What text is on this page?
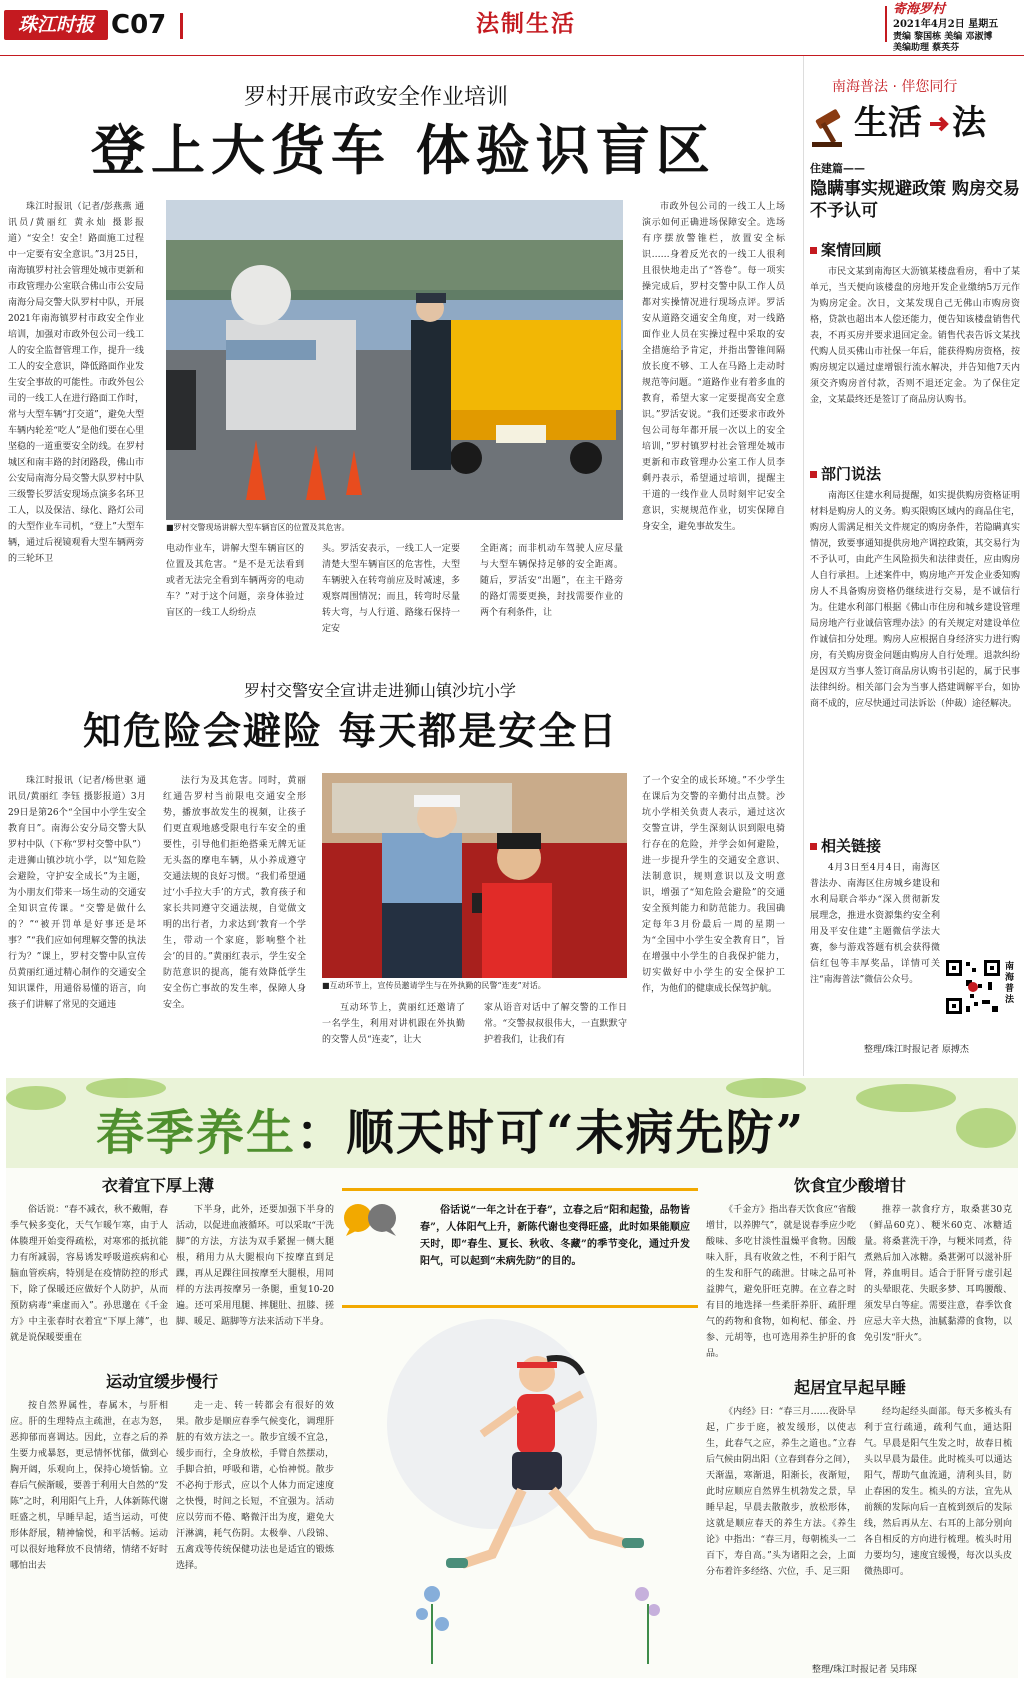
珠江时报 C07	法制生活
寄海罗村
2021年4月2日 星期五
责编 黎国栋 美编 邓淑博
美编助理 蔡英芬
罗村开展市政安全作业培训
登上大货车 体验识盲区
珠江时报讯（记者/彭燕燕 通讯员/黄丽红 黄永灿 摄影报道）“安全！安全！路面施工过程中一定要有安全意识。”3月25日，南海镇罗村社会管理处城市更新和市政管理办公室联合佛山市公安局南海分局交警大队罗村中队，开展2021年南海镇罗村市政安全作业培训，加强对市政外包公司一线工人的安全监督管理工作，提升一线工人的安全意识，降低路面作业发生安全事故的可能性。市政外包公司的一线工人在进行路面工作时，常与大型车辆“打交道”，避免大型车辆内轮差“吃人”是他们要在心里坚稳的一道重要安全防线。在罗村城区和南丰路的封闭路段，佛山市公安局南海分局交警大队罗村中队三级警长罗活安现场点演多名环卫工人，以及保洁、绿化、路灯公司的大型作业车司机，“登上”大型车辆，通过后视镜观看大型车辆两旁的三轮环卫
■罗村交警现场讲解大型车辆盲区的位置及其危害。
电动作业车，讲解大型车辆盲区的位置及其危害。“是不是无法看到或者无法完全看到车辆两旁的电动车？”对于这个问题，亲身体验过盲区的一线工人纷纷点
头。罗活安表示，一线工人一定要清楚大型车辆盲区的危害性，大型车辆驶入在转弯前应及时减速，多观察周围情况；而且，转弯时尽量转大弯，与人行道、路缘石保持一定安
全距离；而非机动车驾驶人应尽量与大型车辆保持足够的安全距离。随后，罗活安“出题”，在主干路旁的路灯需要更换，封找需要作业的两个有利条件，让
市政外包公司的一线工人上场演示如何正确进场保障安全。选场有序摆放警锥栏，放置安全标识……身着反光衣的一线工人很利且很快地走出了“答卷”。每一项实操完成后，罗村交警中队工作人员都对实操情况进行现场点评。罗活安从道路交通安全角度，对一线路面作业人员在实操过程中采取的安全措施给予肯定，并指出警锥间隔放长度不够、工人在马路上走动时规范等问题。“道路作业有着多血的教育，希望大家一定要提高安全意识。”罗活安说。“我们还要求市政外包公司每年都开展一次以上的安全培训，”罗村镇罗村社会管理处城市更新和市政管理办公室工作人员李剩丹表示，希望通过培训，提醒主干道的一线作业人员时刻牢记安全意识，实规规范作业，切实保障自身安全，避免事故发生。
罗村交警安全宣讲走进狮山镇沙坑小学
知危险会避险 每天都是安全日
珠江时报讯（记者/杨世驱 通讯员/黄丽红 李钰 摄影报道）3月29日是第26个“全国中小学生安全教育日”。南海公安分局交警大队罗村中队（下称“罗村交警中队”）走进狮山镇沙坑小学，以“知危险会避险，守护安全成长”为主题，为小朋友们带来一场生动的交通安全知识宣传课。“交警是做什么的？”“被开罚单是好事还是坏事？”“我们应如何理解交警的执法行为？”课上，罗村交警中队宣传员黄丽红通过精心制作的交通安全知识课件，用通俗易懂的语言，向孩子们讲解了常见的交通违
法行为及其危害。同时，黄丽红通告罗村当前限电交通安全形势，播放事故发生的视频，让孩子们更直观地感受限电行车安全的重要性，引导他们拒绝搭乘无牌无证无头盔的摩电车辆，从小养成遵守交通法规的良好习惯。“我们希望通过‘小手拉大手’的方式，教育孩子和家长共同遵守交通法规，自觉做文明的出行者，力求达到‘教育一个学生，带动一个家庭，影响整个社会’的目的。”黄丽红表示，学生安全防范意识的提高，能有效降低学生安全伤亡事故的发生率，保障人身安全。
■互动环节上，宣传员邀请学生与在外执勤的民警“连麦”对话。
互动环节上，黄丽红还邀请了一名学生，利用对讲机跟在外执勤的交警人员“连麦”，让大
家从语音对话中了解交警的工作日常。“交警叔叔很伟大，一直默默守护着我们，让我们有
了一个安全的成长环境。”不少学生在课后为交警的辛勤付出点赞。沙坑小学相关负责人表示，通过这次交警宣讲，学生深刻认识到限电骑行存在的危险，并学会如何避险，进一步提升学生的交通安全意识、法制意识，规则意识以及文明意识，增强了“知危险会避险”的交通安全预判能力和防范能力。我国确定每年3月份最后一周的星期一为“全国中小学生安全教育日”，旨在增强中小学生的自我保护能力，切实做好中小学生的安全保护工作，为他们的健康成长保驾护航。
南海普法 · 伴您同行
生活 法
住建篇——
隐瞒事实规避政策 购房交易不予认可
案情回顾
市民文某到南海区大沥镇某楼盘看房，看中了某单元，当天便向该楼盘的房地开发企业缴纳5万元作为购房定金。次日，文某发现自己无佛山市购房资格，贷款也超出本人偿还能力，便告知该楼盘销售代表，不再买房并要求退回定金。销售代表告诉文某找代购人员买佛山市社保一年后，能获得购房资格，按购房规定以通过虚增银行流水解决，并告知他7天内须交齐购房首付款，否则不退还定金。为了保住定金，文某最终还是签订了商品房认购书。
部门说法
南海区住建水利局提醒，如实提供购房资格证明材料是购房人的义务。购买限购区域内的商品住宅，购房人需满足相关文件规定的购房条件，若隐瞒真实情况，致要事通知提供房地产调控政策，其交易行为不予认可，由此产生风险损失和法律责任，应由购房人自行承担。上述案件中，购房地产开发企业委知购房人不具备购房资格仍继续进行交易，是不诚信行为。住建水利部门根据《佛山市住房和城乡建设管理局房地产行业诚信管理办法》的有关规定对建设单位作诚信扣分处理。购房人应根据自身经济实力进行购房，有关购房资金问题由购房人自行处理。退款纠纷是因双方当事人签订商品房认购书引起的，属于民事法律纠纷。相关部门会为当事人搭建调解平台，如协商不成的，应尽快通过司法诉讼（仲裁）途径解决。
相关链接
4月3日至4月4日，南海区普法办、南海区住房城乡建设和水利局联合举办“深入贯彻新发展理念，推进水资源集约安全利用及平安住建”主题微信学法大赛，参与游戏答题有机会获得微信红包等丰厚奖品，详情可关注“南海普法”微信公众号。
南海普法
整理/珠江时报记者 原搏杰
春季养生：顺天时可“未病先防”
衣着宜下厚上薄
俗话说：“春不减衣，秋不戴帽，春季气候多变化，天气乍暖乍寒，由于人体腠理开始变得疏松，对寒邪的抵抗能力有所减弱，容易诱发呼吸道疾病和心脑血管疾病，特别是在疫情防控的形式下，除了保暖还应做好个人防护，从而预防病毒“乘虚而入”。孙思邈在《千金方》中主张春时衣着宜“下厚上薄”，也就是说保暖要重在
下半身，此外，还要加强下半身的活动，以促进血液循环。可以采取“干洗脚”的方法，方法为双手紧握一侧大腿根，稍用力从大腿根向下按摩直到足踝，再从足踝往回按摩至大腿根，用同样的方法再按摩另一条腿，重复10-20遍。还可采用甩腿、摔腿肚、扭膝、搓脚、暖足、踮脚等方法来活动下半身。
俗话说“一年之计在于春”，立春之后“阳和起蛰，品物皆春”，人体阳气上升，新陈代谢也变得旺盛，此时如果能顺应天时，即“春生、夏长、秋收、冬藏”的季节变化，通过升发阳气，可以起到“未病先防”的目的。
饮食宜少酸增甘
《千金方》指出春天饮食应“省酸增甘，以养脾气”，就是说春季应少吃酸味、多吃甘淡性温燥平食物。因酸味入肝，具有收敛之性，不利于阳气的生发和肝气的疏泄。甘味之品可补益脾气，避免肝旺克脾。在立春之时有目的地选择一些柔肝养肝、疏肝理气的药物和食物，如枸杞、郁金、丹参、元胡等，也可选用养生护肝的食品。
推荐一款食疗方，取桑葚30克（鲜品60克）、粳米60克、冰糖适量。将桑葚洗干净，与粳米同煮，待煮熟后加入冰糖。桑葚粥可以滋补肝肾，养血明目。适合于肝肾亏虚引起的头晕眼花、失眠多梦、耳鸣腰酸、须发早白等症。需要注意，春季饮食应忌大辛大热，油腻黏滞的食物，以免引发“肝火”。
运动宜缓步慢行
按自然界属性，春属木，与肝相应。肝的生理特点主疏泄，在志为怒，恶抑郁而喜调达。因此，立春之后的养生要力戒暴怒，更忌情怀忧郁，做到心胸开阔，乐观向上，保持心境恬愉。立春后气候渐暖，要善于利用大自然的“发陈”之时，利用阳气上升，人体新陈代谢旺盛之机，早睡早起，适当运动，可使形体舒展，精神愉悦，和平活畅。运动可以很好地释放不良情绪，情绪不好时哪怕出去
走一走、转一转都会有很好的效果。散步是顺应春季气候变化，调理肝脏的有效方法之一。散步宜缓不宜急，缓步而行，全身放松，手臂自然摆动，手脚合拍，呼吸和谐，心怡神悦。散步不必拘于形式，应以个人体力而定速度之快慢，时间之长短，不宜强为。活动应以劳而不倦、略微汗出为度，避免大汗淋漓，耗气伤阴。太极拳、八段锦、五禽戏等传统保健功法也是适宜的锻炼选择。
起居宜早起早睡
《内经》曰：“春三月……夜卧早起，广步于庭，被发缓形，以使志生，此春气之应，养生之道也。”立春后气候由阴出阳（立春到春分之间），天渐温，寒渐退，阳渐长，夜渐短，此时应顺应自然界生机勃发之景，早睡早起，早晨去散散步，放松形体，这就是顺应春天的养生方法。《养生论》中指出：“春三月，每朝梳头一二百下，寿自高。”头为诸阳之会，上面分布着许多经络、穴位，手、足三阳
经均起经头面部。每天多梳头有利于宣行疏通，疏利气血，通达阳气。早晨是阳气生发之时，故春日梳头以早晨为最佳。此时梳头可以通达阳气，帮助气血流通，清利头目，防止春困的发生。梳头的方法，宜先从前额的发际向后一直梳到颈后的发际线，然后再从左、右耳的上部分别向各自相反的方向进行梳理。梳头时用力要均匀，速度宜缓慢，每次以头皮微热即可。
整理/珠江时报记者 吴玮琛
